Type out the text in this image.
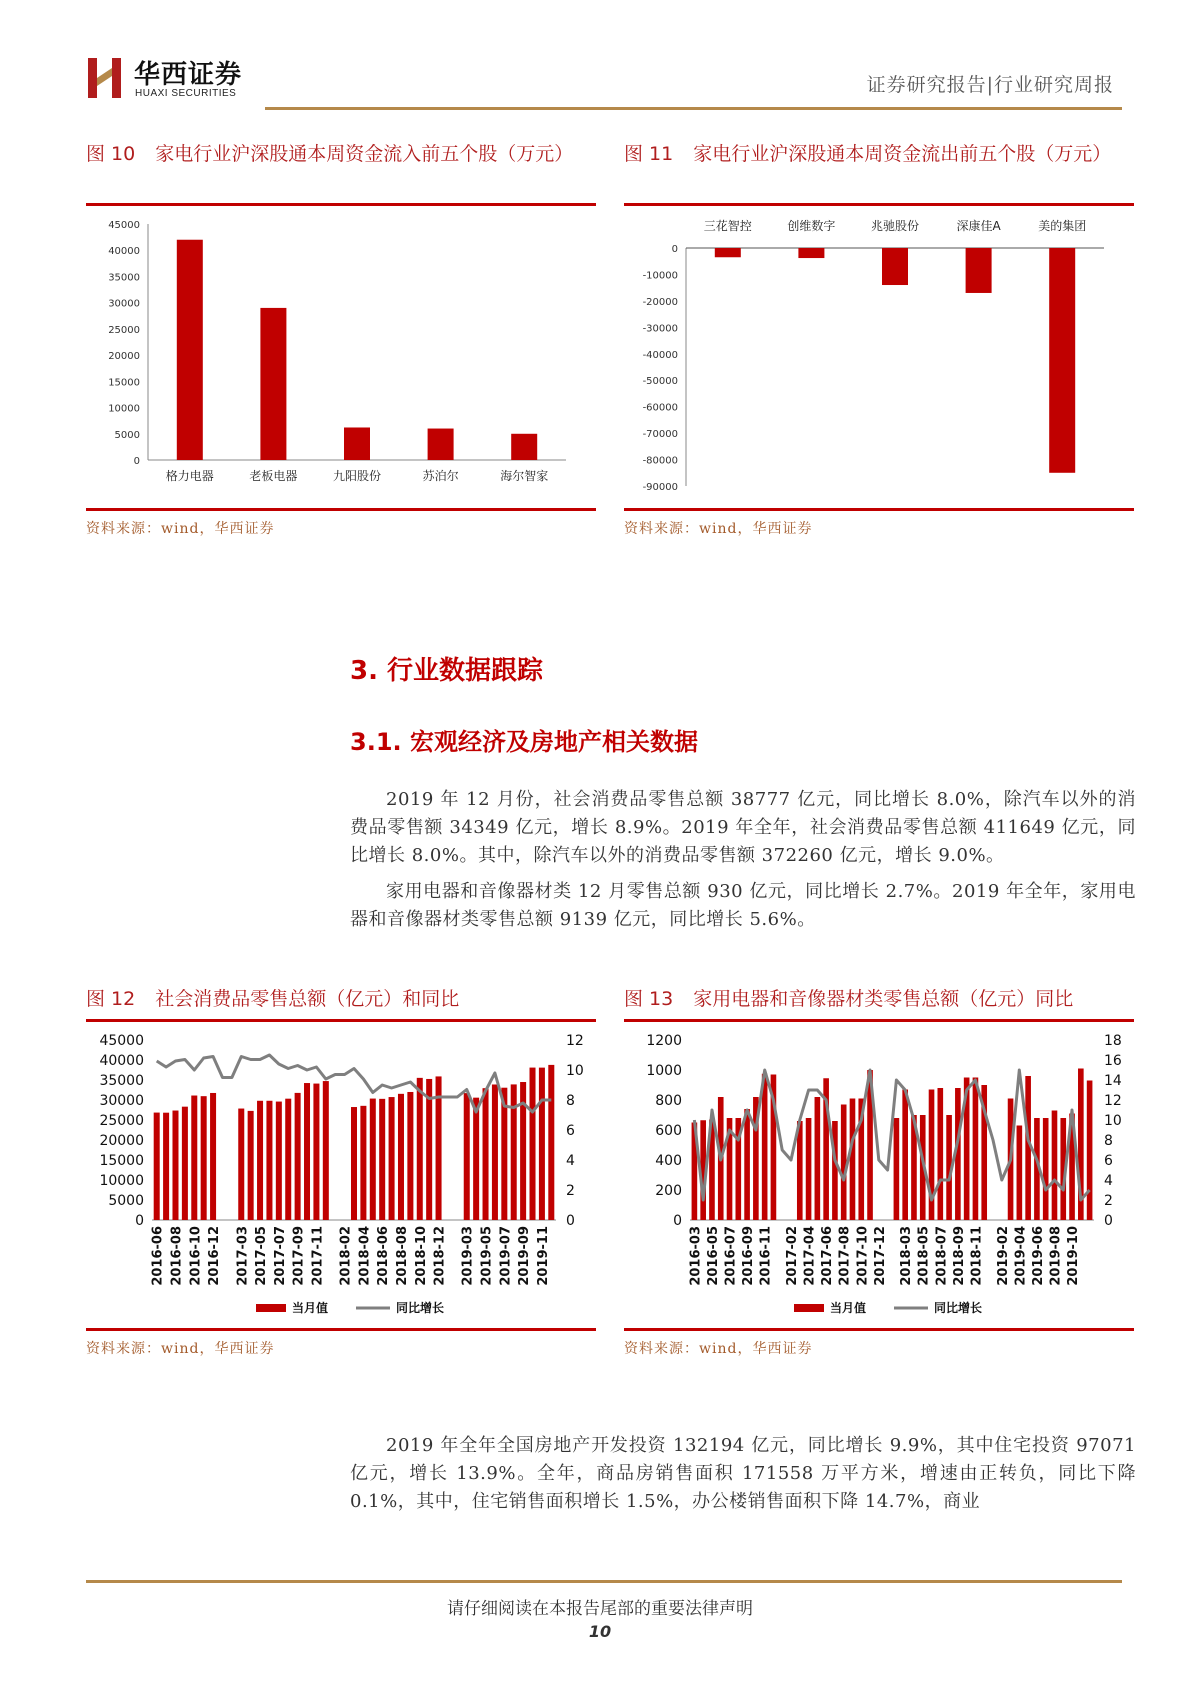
华西证券
HUAXI SECURITIES	证券研究报告|行业研究周报
图 10 家电行业沪深股通本周资金流入前五个股（万元）
45000
40000
35000
30000
25000
20000
15000
10000
5000
0
格力电器	老板电器	九阳股份	苏泊尔	海尔智家
资料来源：wind，华西证券
图 11 家电行业沪深股通本周资金流出前五个股（万元）
0
-10000
-20000
-30000
-40000
-50000
-60000
-70000
-80000
-90000
三花智控	创维数字	兆驰股份	深康佳A	美的集团
资料来源：wind，华西证券
3. 行业数据跟踪
3.1. 宏观经济及房地产相关数据

2019 年 12 月份，社会消费品零售总额 38777 亿元，同比增长 8.0%，除汽车以外的消费品零售额 34349 亿元，增长 8.9%。2019 年全年，社会消费品零售总额 411649 亿元，同比增长 8.0%。其中，除汽车以外的消费品零售额 372260 亿元，增长 9.0%。

家用电器和音像器材类 12 月零售总额 930 亿元，同比增长 2.7%。2019 年全年，家用电器和音像器材类零售总额 9139 亿元，同比增长 5.6%。

图 12 社会消费品零售总额（亿元）和同比
45000
40000
35000
30000
25000
20000
15000
10000
5000
0
12
10
8
6
4
2
0
2016-06 2016-08 2016-10 2016-12 2017-03 2017-05 2017-07 2017-09 2017-11 2018-02 2018-04 2018-06 2018-08 2018-10 2018-12 2019-03 2019-05 2019-07 2019-09 2019-11
当月值	同比增长
资料来源：wind，华西证券
图 13 家用电器和音像器材类零售总额（亿元）同比
1200
1000
800
600
400
200
0
18
16
14
12
10
8
6
4
2
0
2016-03 2016-05 2016-07 2016-09 2016-11 2017-02 2017-04 2017-06 2017-08 2017-10 2017-12 2018-03 2018-05 2018-07 2018-09 2018-11 2019-02 2019-04 2019-06 2019-08 2019-10
当月值	同比增长
资料来源：wind，华西证券

2019 年全年全国房地产开发投资 132194 亿元，同比增长 9.9%，其中住宅投资 97071 亿元，增长 13.9%。全年，商品房销售面积 171558 万平方米，增速由正转负，同比下降 0.1%，其中，住宅销售面积增长 1.5%，办公楼销售面积下降 14.7%，商业

请仔细阅读在本报告尾部的重要法律声明
10
